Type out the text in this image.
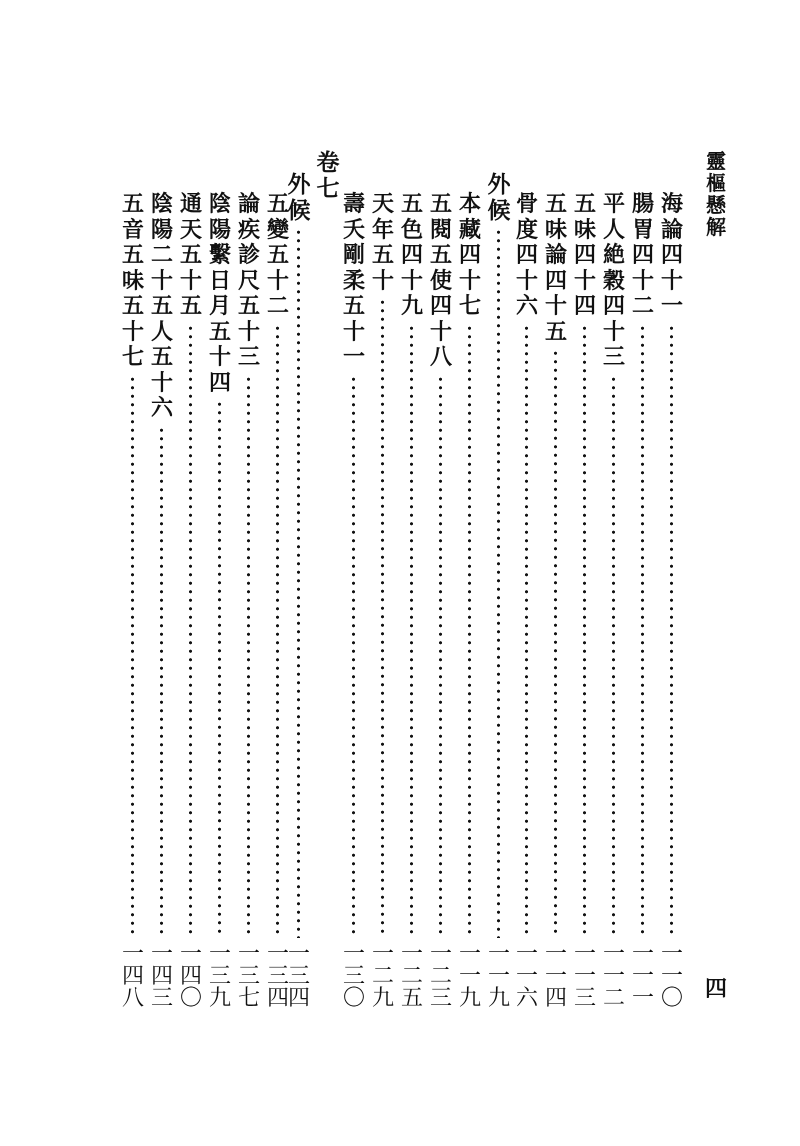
靈
樞
懸
解
四
海
論
四
十
一
一
一
〇
腸
胃
四
十
二
一
一
一
平
人
絶
穀
四
十
三
一
一
二
五
味
四
十
四
一
一
三
五
味
論
四
十
五
一
一
四
骨
度
四
十
六
一
一
六
外
候
一
一
九
本
藏
四
十
七
一
一
九
五
閱
五
使
四
十
八
一
二
三
五
色
四
十
九
一
二
五
天
年
五
十
一
二
九
壽
夭
剛
柔
五
十
一
一
三
〇
卷
七
外
候
一
三
四
五
變
五
十
二
一
三
四
論
疾
診
尺
五
十
三
一
三
七
陰
陽
繫
日
月
五
十
四
一
三
九
通
天
五
十
五
一
四
〇
陰
陽
二
十
五
人
五
十
六
一
四
三
五
音
五
味
五
十
七
一
四
八
